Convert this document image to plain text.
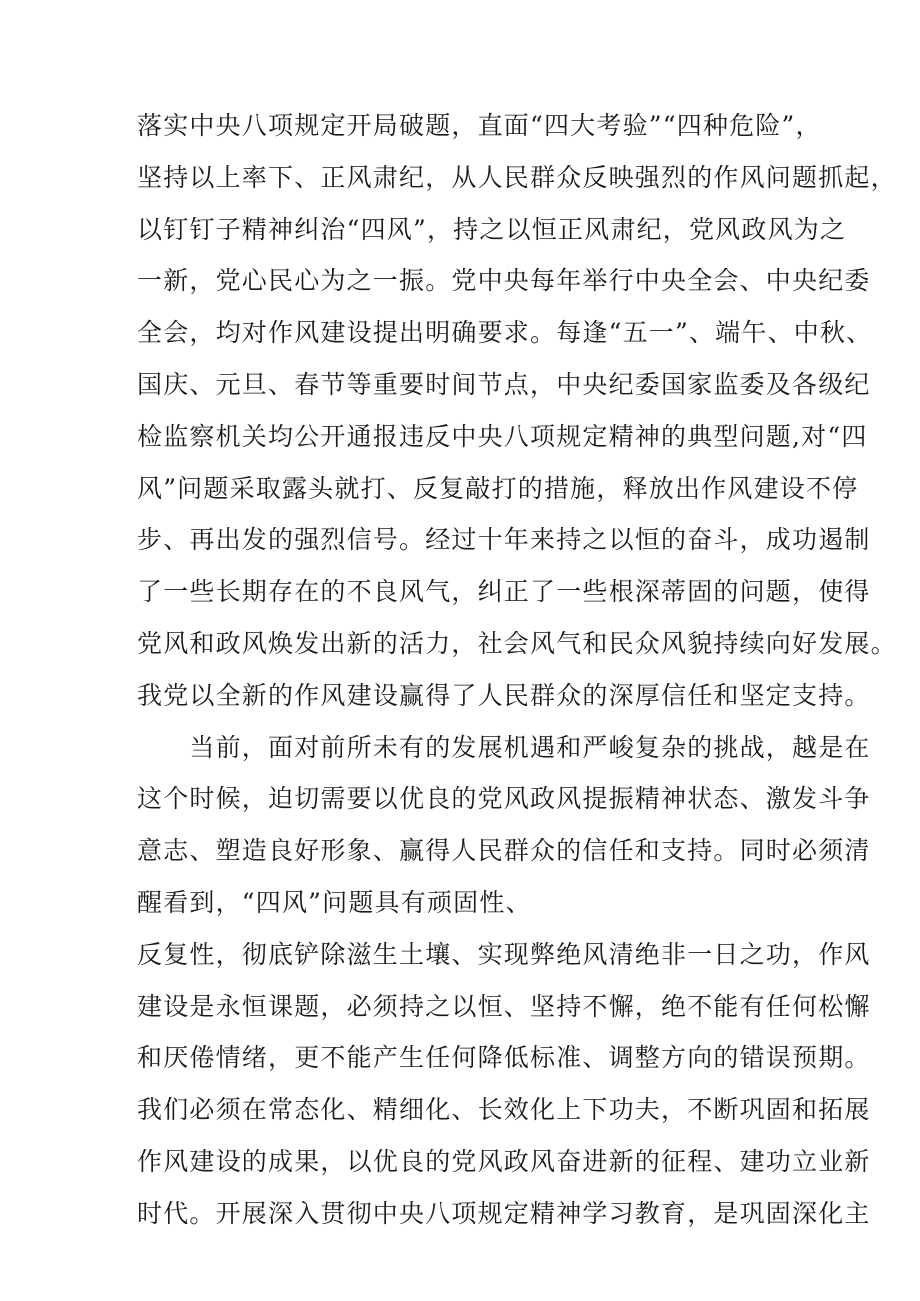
落实中央八项规定开局破题，直面“四大考验”“四种危险”，
坚持以上率下、正风肃纪，从人民群众反映强烈的作风问题抓起，
以钉钉子精神纠治“四风”，持之以恒正风肃纪，党风政风为之
一新，党心民心为之一振。党中央每年举行中央全会、中央纪委
全会，均对作风建设提出明确要求。每逢“五一”、端午、中秋、
国庆、元旦、春节等重要时间节点，中央纪委国家监委及各级纪
检监察机关均公开通报违反中央八项规定精神的典型问题,对“四
风”问题采取露头就打、反复敲打的措施，释放出作风建设不停
步、再出发的强烈信号。经过十年来持之以恒的奋斗，成功遏制
了一些长期存在的不良风气，纠正了一些根深蒂固的问题，使得
党风和政风焕发出新的活力，社会风气和民众风貌持续向好发展。
我党以全新的作风建设赢得了人民群众的深厚信任和坚定支持。
　　当前，面对前所未有的发展机遇和严峻复杂的挑战，越是在
这个时候，迫切需要以优良的党风政风提振精神状态、激发斗争
意志、塑造良好形象、赢得人民群众的信任和支持。同时必须清
醒看到，“四风”问题具有顽固性、
反复性，彻底铲除滋生土壤、实现弊绝风清绝非一日之功，作风
建设是永恒课题，必须持之以恒、坚持不懈，绝不能有任何松懈
和厌倦情绪，更不能产生任何降低标准、调整方向的错误预期。
我们必须在常态化、精细化、长效化上下功夫，不断巩固和拓展
作风建设的成果，以优良的党风政风奋进新的征程、建功立业新
时代。开展深入贯彻中央八项规定精神学习教育，是巩固深化主
